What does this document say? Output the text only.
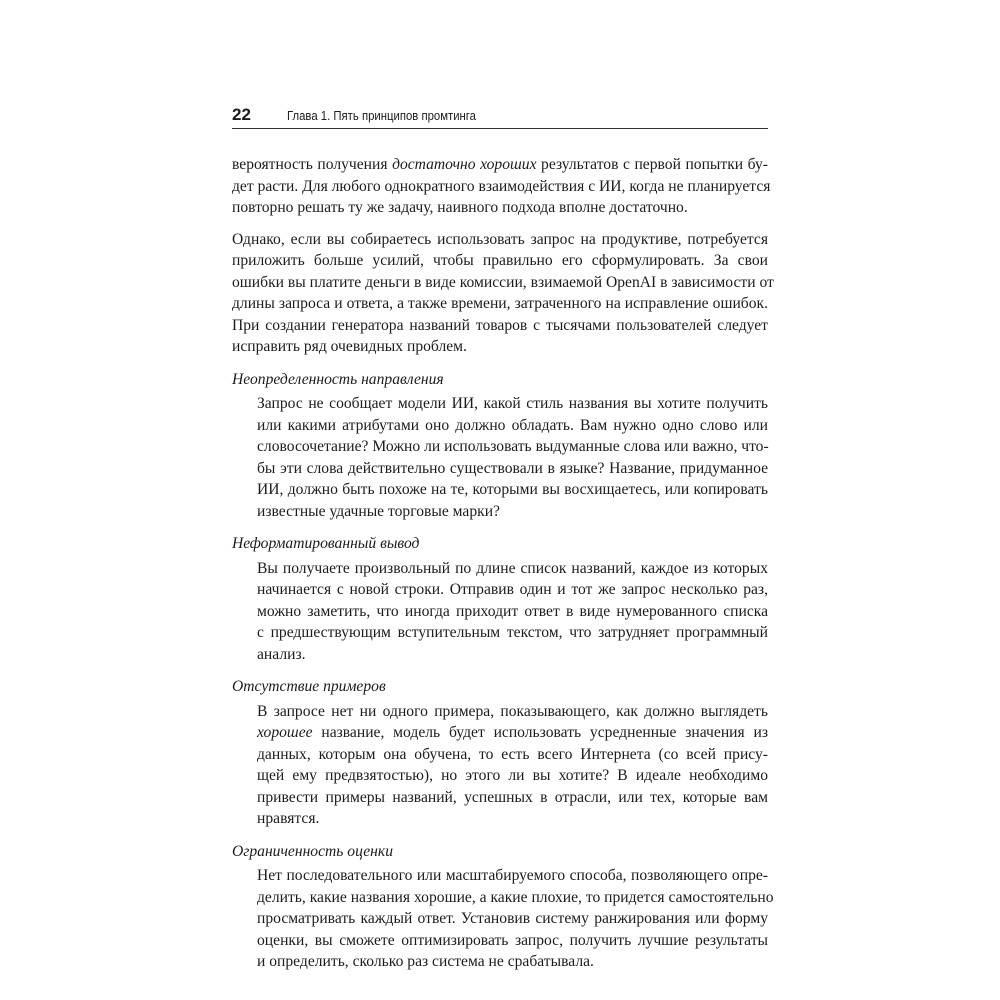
22	Глава 1. Пять принципов промтинга

вероятность получения достаточно хороших результатов с первой попытки бу-
дет расти. Для любого однократного взаимодействия с ИИ, когда не планируется
повторно решать ту же задачу, наивного подхода вполне достаточно.

Однако, если вы собираетесь использовать запрос на продуктиве, потребуется
приложить больше усилий, чтобы правильно его сформулировать. За свои
ошибки вы платите деньги в виде комиссии, взимаемой OpenAI в зависимости от
длины запроса и ответа, а также времени, затраченного на исправление ошибок.
При создании генератора названий товаров с тысячами пользователей следует
исправить ряд очевидных проблем.

Неопределенность направления

Запрос не сообщает модели ИИ, какой стиль названия вы хотите получить
или какими атрибутами оно должно обладать. Вам нужно одно слово или
словосочетание? Можно ли использовать выдуманные слова или важно, что-
бы эти слова действительно существовали в языке? Название, придуманное
ИИ, должно быть похоже на те, которыми вы восхищаетесь, или копировать
известные удачные торговые марки?

Неформатированный вывод

Вы получаете произвольный по длине список названий, каждое из которых
начинается с новой строки. Отправив один и тот же запрос несколько раз,
можно заметить, что иногда приходит ответ в виде нумерованного списка
с предшествующим вступительным текстом, что затрудняет программный
анализ.

Отсутствие примеров

В запросе нет ни одного примера, показывающего, как должно выглядеть
хорошее название, модель будет использовать усредненные значения из
данных, которым она обучена, то есть всего Интернета (со всей прису-
щей ему предвзятостью), но этого ли вы хотите? В идеале необходимо
привести примеры названий, успешных в отрасли, или тех, которые вам
нравятся.

Ограниченность оценки

Нет последовательного или масштабируемого способа, позволяющего опре-
делить, какие названия хорошие, а какие плохие, то придется самостоятельно
просматривать каждый ответ. Установив систему ранжирования или форму
оценки, вы сможете оптимизировать запрос, получить лучшие результаты
и определить, сколько раз система не срабатывала.
